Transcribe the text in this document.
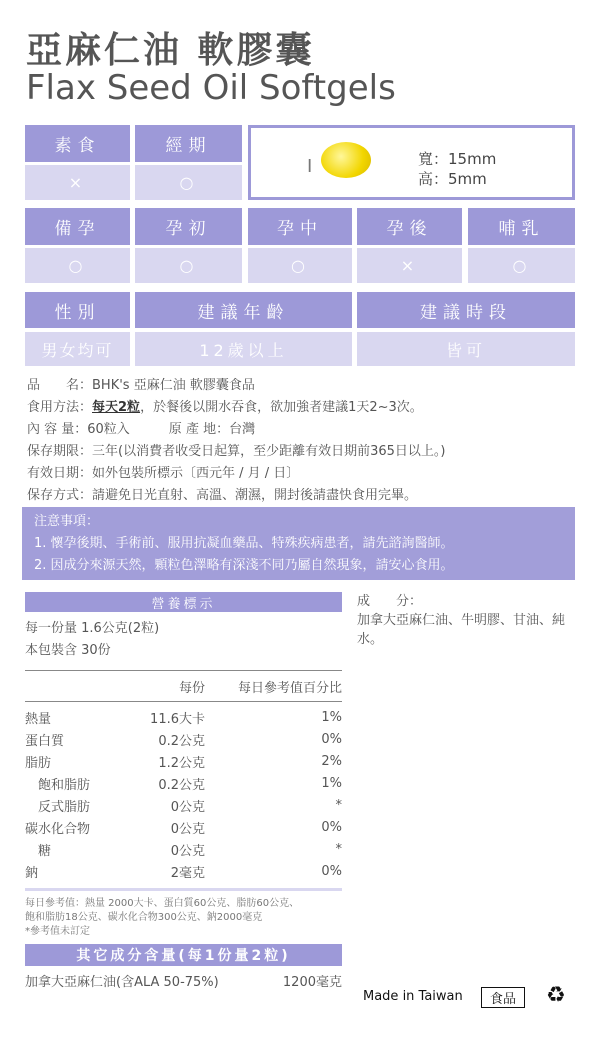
亞麻仁油 軟膠囊
Flax Seed Oil Softgels
素食
×
經期
○
I	寬：15mm
高：5mm
備孕	孕初	孕中	孕後	哺乳
○	○	○	×	○
性別	建議年齡	建議時段
男女均可	12歲以上	皆可
品　　名：BHK's 亞麻仁油 軟膠囊食品
食用方法：每天2粒，於餐後以開水吞食，欲加強者建議1天2~3次。
內 容 量：60粒入　　　原 產 地：台灣
保存期限：三年(以消費者收受日起算，至少距離有效日期前365日以上。)
有效日期：如外包裝所標示〔西元年 / 月 / 日〕
保存方式：請避免日光直射、高溫、潮濕，開封後請盡快食用完畢。
注意事項：
1. 懷孕後期、手術前、服用抗凝血藥品、特殊疾病患者，請先諮詢醫師。
2. 因成分來源天然，顆粒色澤略有深淺不同乃屬自然現象，請安心食用。
營養標示
每一份量 1.6公克(2粒)
本包裝含 30份
每份	每日參考值百分比
熱量	11.6大卡	1%
蛋白質	0.2公克	0%
脂肪	1.2公克	2%
　飽和脂肪	0.2公克	1%
　反式脂肪	0公克	*
碳水化合物	0公克	0%
　糖	0公克	*
鈉	2毫克	0%
每日參考值：熱量 2000大卡、蛋白質60公克、脂肪60公克、
飽和脂肪18公克、碳水化合物300公克、鈉2000毫克
*參考值未訂定
其它成分含量(每1份量2粒)
加拿大亞麻仁油(含ALA 50-75%)	1200毫克
成　　分：
加拿大亞麻仁油、牛明膠、甘油、純水。
Made in Taiwan	食品	♻
